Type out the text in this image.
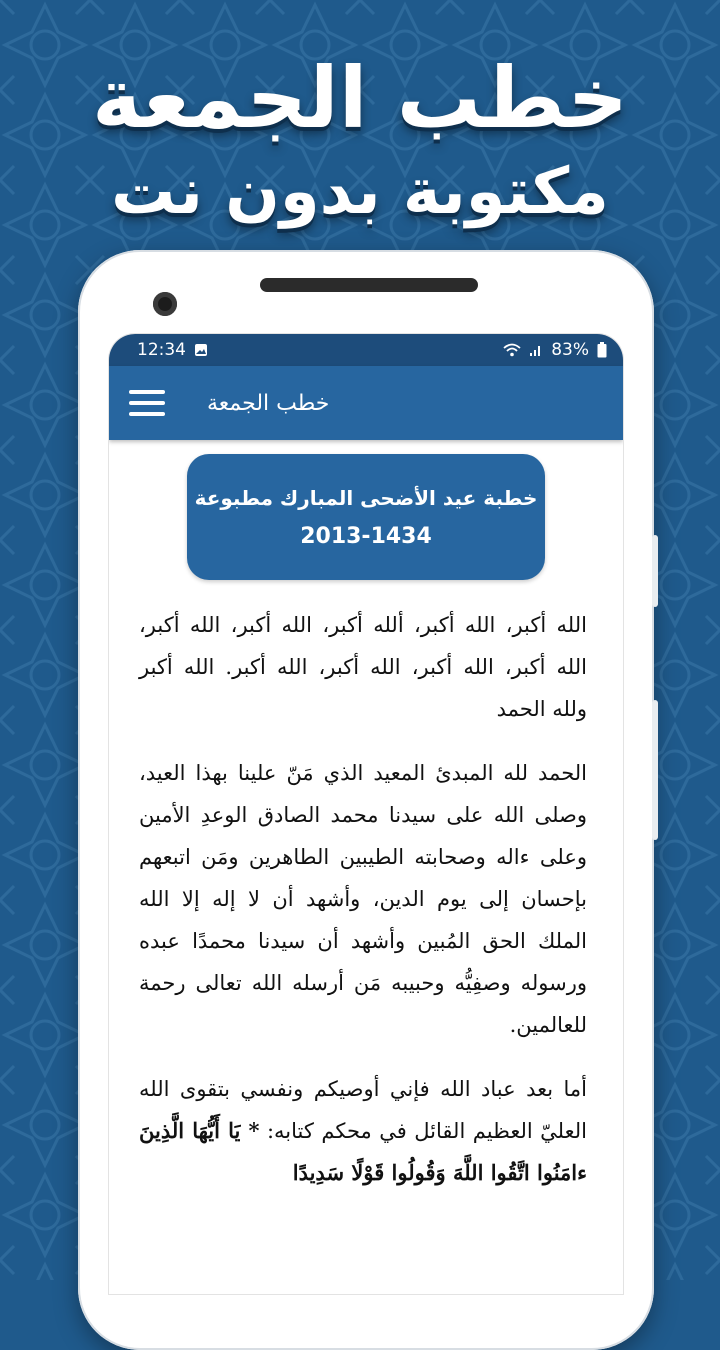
خطب الجمعة
مكتوبة بدون نت
12:34	83%
خطب الجمعة
خطبة عيد الأضحى المبارك مطبوعة
2013-1434

الله أكبر، الله أكبر، ألله أكبر، الله أكبر، الله أكبر، الله أكبر، الله أكبر، الله أكبر، الله أكبر. الله أكبر ولله الحمد

الحمد لله المبدئ المعيد الذي مَنّ علينا بهذا العيد، وصلى الله على سيدنا محمد الصادق الوعدِ الأمين وعلى ءاله وصحابته الطيبين الطاهرين ومَن اتبعهم بإحسان إلى يوم الدين، وأشهد أن لا إله إلا الله الملك الحق المُبين وأشهد أن سيدنا محمدًا عبده ورسوله وصفِيُّه وحبيبه مَن أرسله الله تعالى رحمة للعالمين.

أما بعد عباد الله فإني أوصيكم ونفسي بتقوى الله العليّ العظيم القائل في محكم كتابه: * يَا أَيُّهَا الَّذِينَ ءامَنُوا اتَّقُوا اللَّهَ وَقُولُوا قَوْلًا سَدِيدًا
